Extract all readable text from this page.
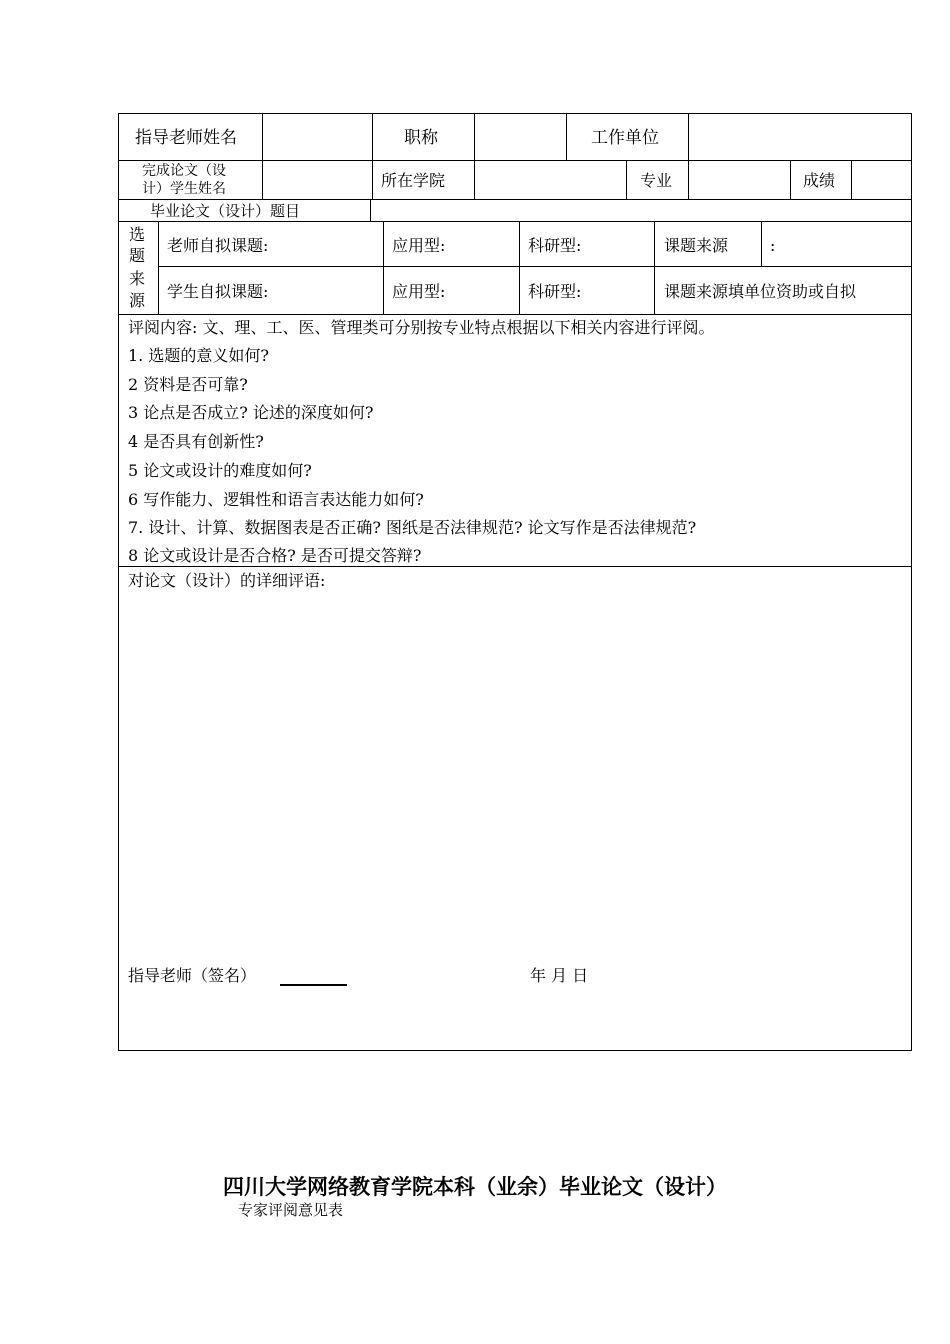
指导老师姓名	职称	工作单位
完成论文（设
计）学生姓名	所在学院	专业	成绩
毕业论文（设计）题目
选
题
来
源
老师自拟课题:	应用型:	科研型:	课题来源	:
学生自拟课题:	应用型:	科研型:	课题来源填单位资助或自拟
评阅内容: 文、理、工、医、管理类可分别按专业特点根据以下相关内容进行评阅。
1. 选题的意义如何?
2 资料是否可靠?
3 论点是否成立? 论述的深度如何?
4 是否具有创新性?
5 论文或设计的难度如何?
6 写作能力、逻辑性和语言表达能力如何?
7. 设计、计算、数据图表是否正确? 图纸是否法律规范? 论文写作是否法律规范?
8 论文或设计是否合格? 是否可提交答辩?
对论文（设计）的详细评语:
指导老师（签名）	年 月 日
四川大学网络教育学院本科（业余）毕业论文（设计）
专家评阅意见表
